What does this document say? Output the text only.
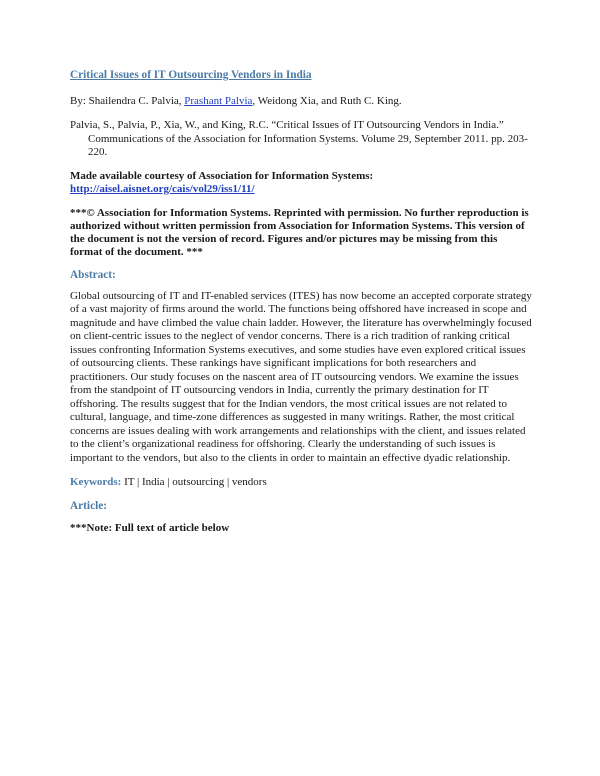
Critical Issues of IT Outsourcing Vendors in India
By: Shailendra C. Palvia, Prashant Palvia, Weidong Xia, and Ruth C. King.
Palvia, S., Palvia, P., Xia, W., and King, R.C. “Critical Issues of IT Outsourcing Vendors in India.” Communications of the Association for Information Systems. Volume 29, September 2011. pp. 203-220.
Made available courtesy of Association for Information Systems:
http://aisel.aisnet.org/cais/vol29/iss1/11/
***© Association for Information Systems. Reprinted with permission. No further reproduction is authorized without written permission from Association for Information Systems. This version of the document is not the version of record. Figures and/or pictures may be missing from this format of the document. ***
Abstract:
Global outsourcing of IT and IT-enabled services (ITES) has now become an accepted corporate strategy of a vast majority of firms around the world. The functions being offshored have increased in scope and magnitude and have climbed the value chain ladder. However, the literature has overwhelmingly focused on client-centric issues to the neglect of vendor concerns. There is a rich tradition of ranking critical issues confronting Information Systems executives, and some studies have even explored critical issues of outsourcing clients. These rankings have significant implications for both researchers and practitioners. Our study focuses on the nascent area of IT outsourcing vendors. We examine the issues from the standpoint of IT outsourcing vendors in India, currently the primary destination for IT offshoring. The results suggest that for the Indian vendors, the most critical issues are not related to cultural, language, and time-zone differences as suggested in many writings. Rather, the most critical concerns are issues dealing with work arrangements and relationships with the client, and issues related to the client’s organizational readiness for offshoring. Clearly the understanding of such issues is important to the vendors, but also to the clients in order to maintain an effective dyadic relationship.
Keywords: IT | India | outsourcing | vendors
Article:
***Note: Full text of article below
